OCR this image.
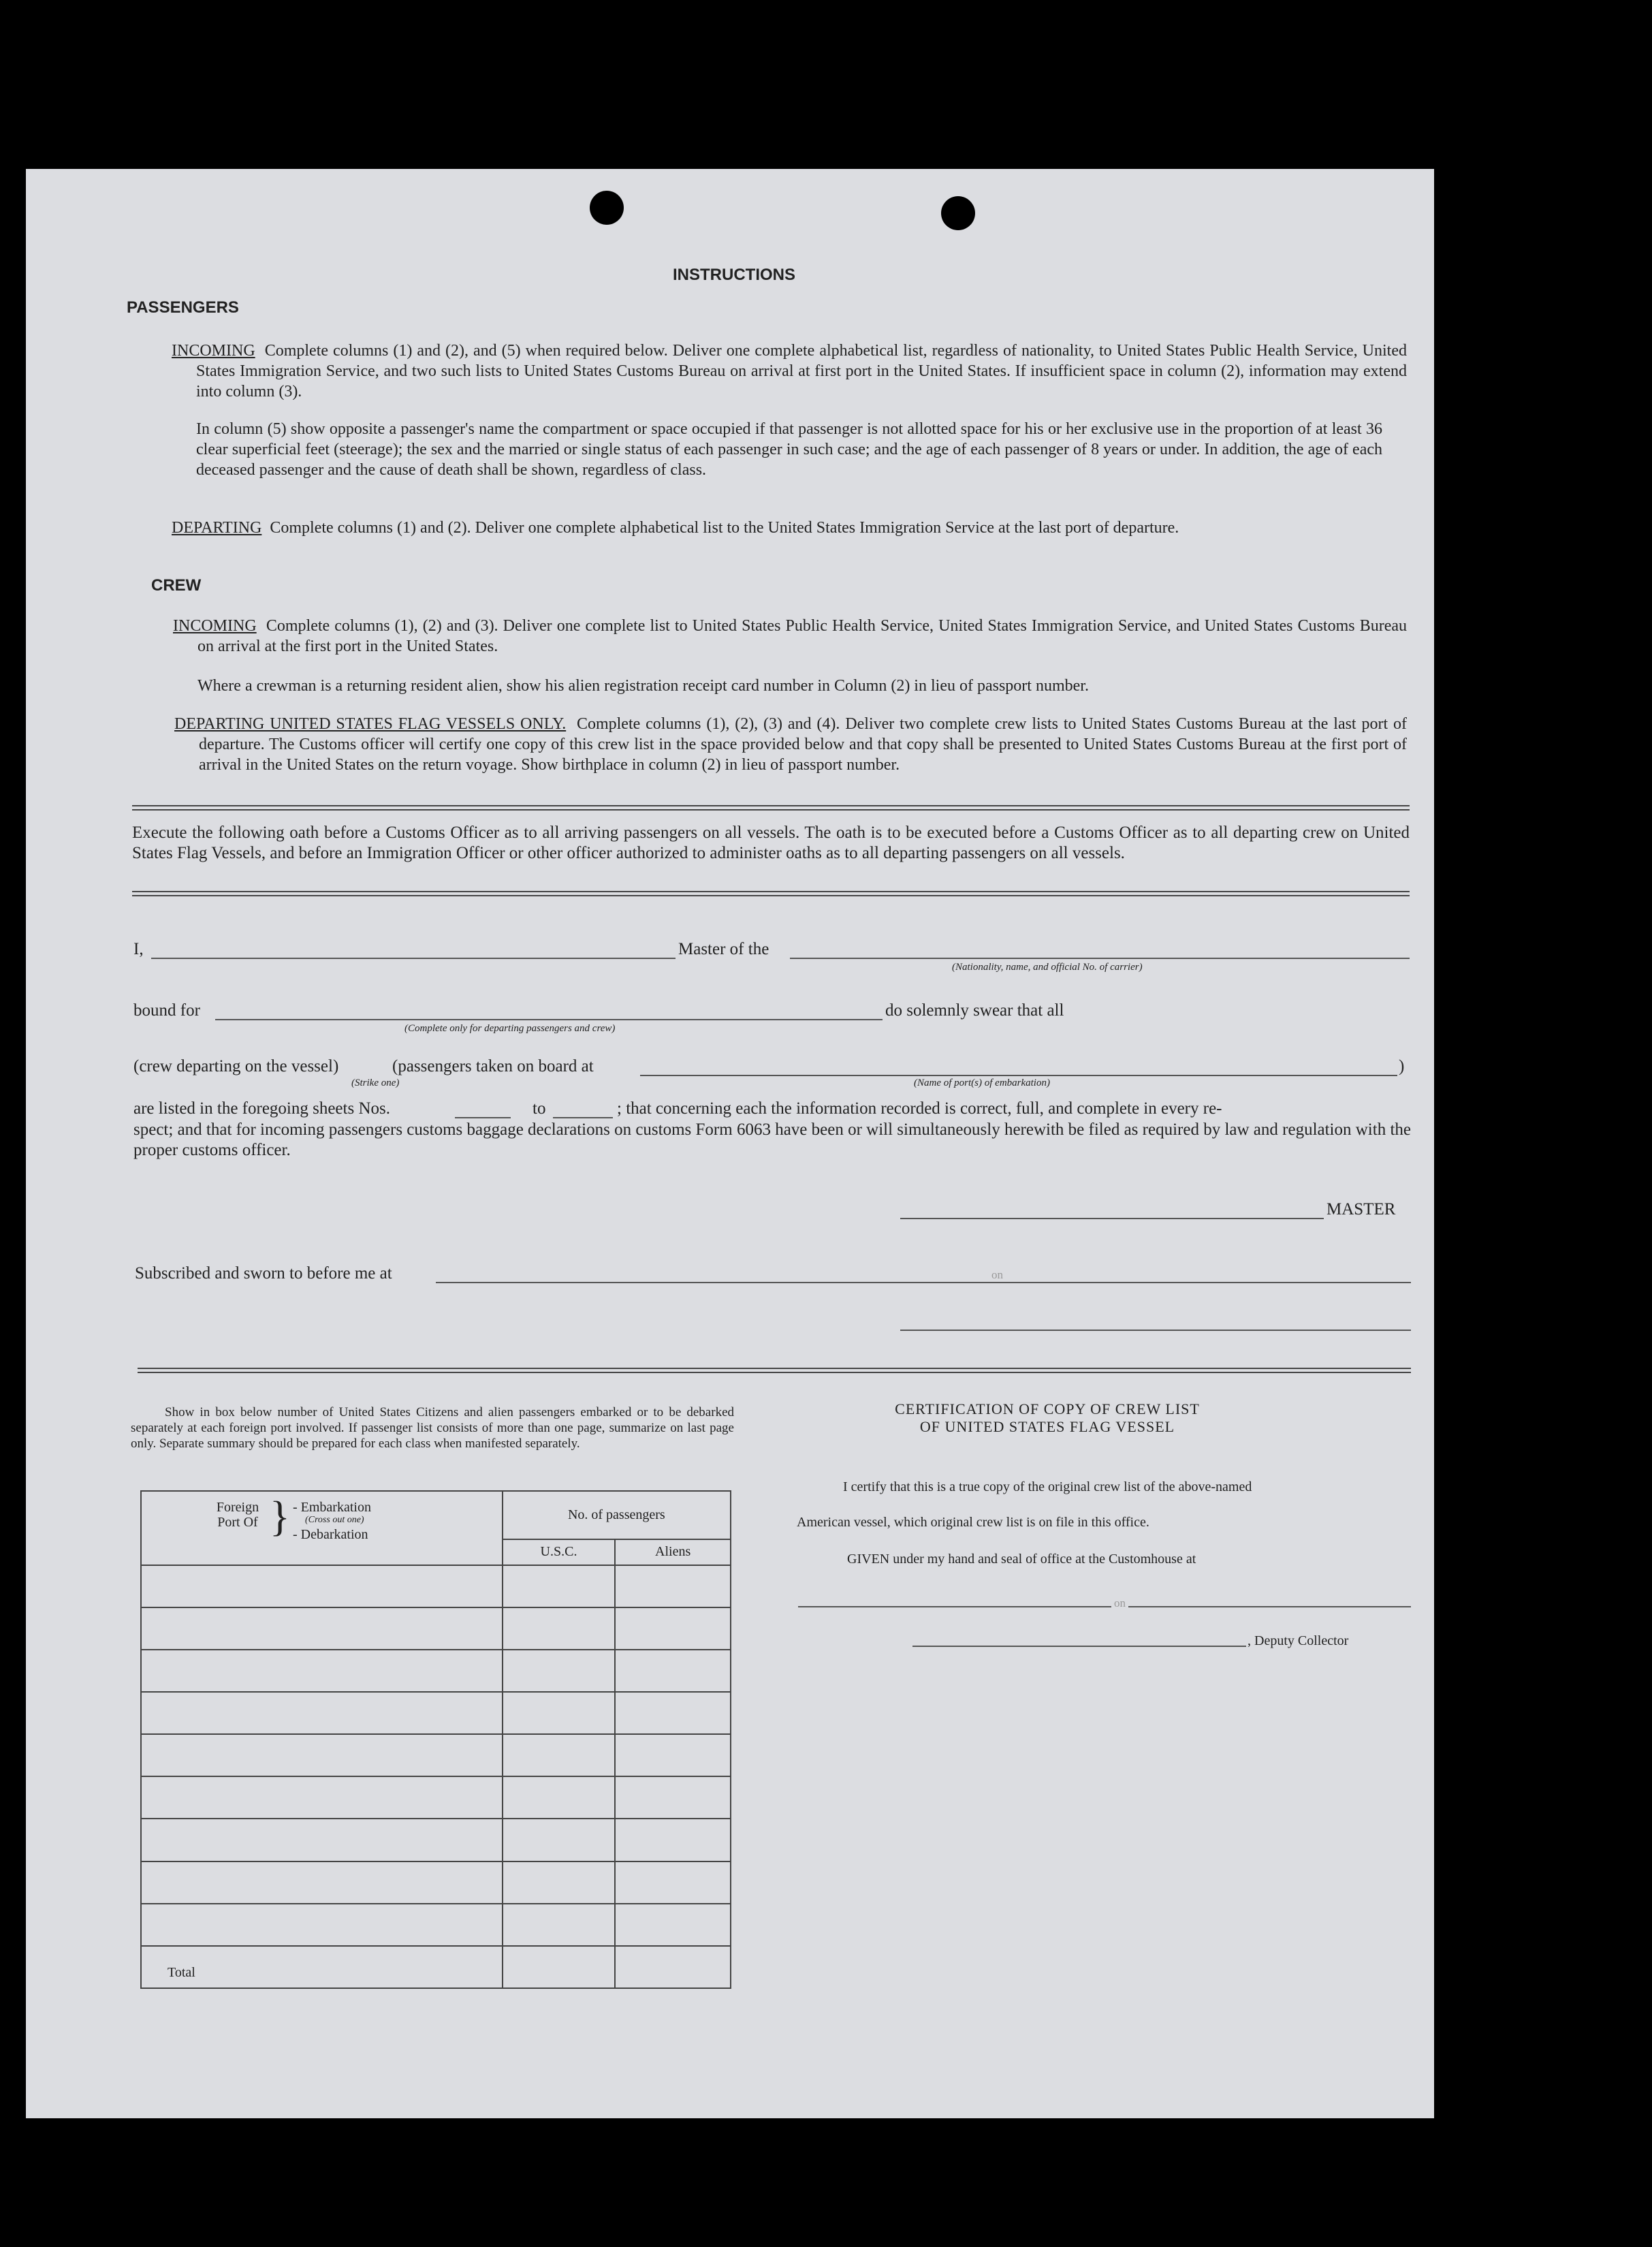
INSTRUCTIONS
PASSENGERS
INCOMING Complete columns (1) and (2), and (5) when required below. Deliver one complete alphabetical list, regardless of nationality, to United States Public Health Service, United States Immigration Service, and two such lists to United States Customs Bureau on arrival at first port in the United States. If insufficient space in column (2), information may extend into column (3).
In column (5) show opposite a passenger's name the compartment or space occupied if that passenger is not allotted space for his or her exclusive use in the proportion of at least 36 clear superficial feet (steerage); the sex and the married or single status of each passenger in such case; and the age of each passenger of 8 years or under. In addition, the age of each deceased passenger and the cause of death shall be shown, regardless of class.
DEPARTING Complete columns (1) and (2). Deliver one complete alphabetical list to the United States Immigration Service at the last port of departure.
CREW
INCOMING Complete columns (1), (2) and (3). Deliver one complete list to United States Public Health Service, United States Immigration Service, and United States Customs Bureau on arrival at the first port in the United States.
Where a crewman is a returning resident alien, show his alien registration receipt card number in Column (2) in lieu of passport number.
DEPARTING UNITED STATES FLAG VESSELS ONLY. Complete columns (1), (2), (3) and (4). Deliver two complete crew lists to United States Customs Bureau at the last port of departure. The Customs officer will certify one copy of this crew list in the space provided below and that copy shall be presented to United States Customs Bureau at the first port of arrival in the United States on the return voyage. Show birthplace in column (2) in lieu of passport number.
Execute the following oath before a Customs Officer as to all arriving passengers on all vessels. The oath is to be executed before a Customs Officer as to all departing crew on United States Flag Vessels, and before an Immigration Officer or other officer authorized to administer oaths as to all departing passengers on all vessels.
I,	Master of the
(Nationality, name, and official No. of carrier)
bound for
(Complete only for departing passengers and crew)
do solemnly swear that all
(crew departing on the vessel)	(passengers taken on board at	)
(Strike one)	(Name of port(s) of embarkation)
are listed in the foregoing sheets Nos.	to	; that concerning each the information recorded is correct, full, and complete in every re-
spect; and that for incoming passengers customs baggage declarations on customs Form 6063 have been or will simultaneously herewith be filed as required by law and regulation with the proper customs officer.
MASTER
Subscribed and sworn to before me at	on
Show in box below number of United States Citizens and alien passengers embarked or to be debarked separately at each foreign port involved. If passenger list consists of more than one page, summarize on last page only. Separate summary should be prepared for each class when manifested separately.
Foreign Port Of } - Embarkation
(Cross out one)
- Debarkation	No. of passengers	
	U.S.C.	Aliens

Total		
CERTIFICATION OF COPY OF CREW LIST
OF UNITED STATES FLAG VESSEL
I certify that this is a true copy of the original crew list of the above-named
American vessel, which original crew list is on file in this office.
GIVEN under my hand and seal of office at the Customhouse at
on
, Deputy Collector
